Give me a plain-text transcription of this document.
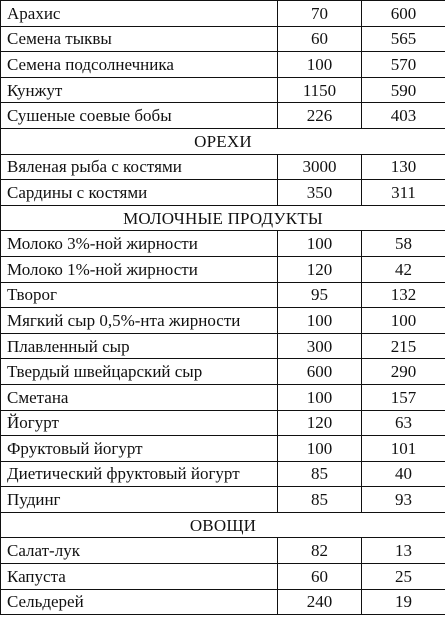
Арахис	70	600
Семена тыквы	60	565
Семена подсолнечника	100	570
Кунжут	1150	590
Сушеные соевые бобы	226	403
ОРЕХИ		
Вяленая рыба с костями	3000	130
Сардины с костями	350	311
МОЛОЧНЫЕ ПРОДУКТЫ		
Молоко 3%-ной жирности	100	58
Молоко 1%-ной жирности	120	42
Творог	95	132
Мягкий сыр 0,5%-нта жирности	100	100
Плавленный сыр	300	215
Твердый швейцарский сыр	600	290
Сметана	100	157
Йогурт	120	63
Фруктовый йогурт	100	101
Диетический фруктовый йогурт	85	40
Пудинг	85	93
ОВОЩИ		
Салат-лук	82	13
Капуста	60	25
Сельдерей	240	19
